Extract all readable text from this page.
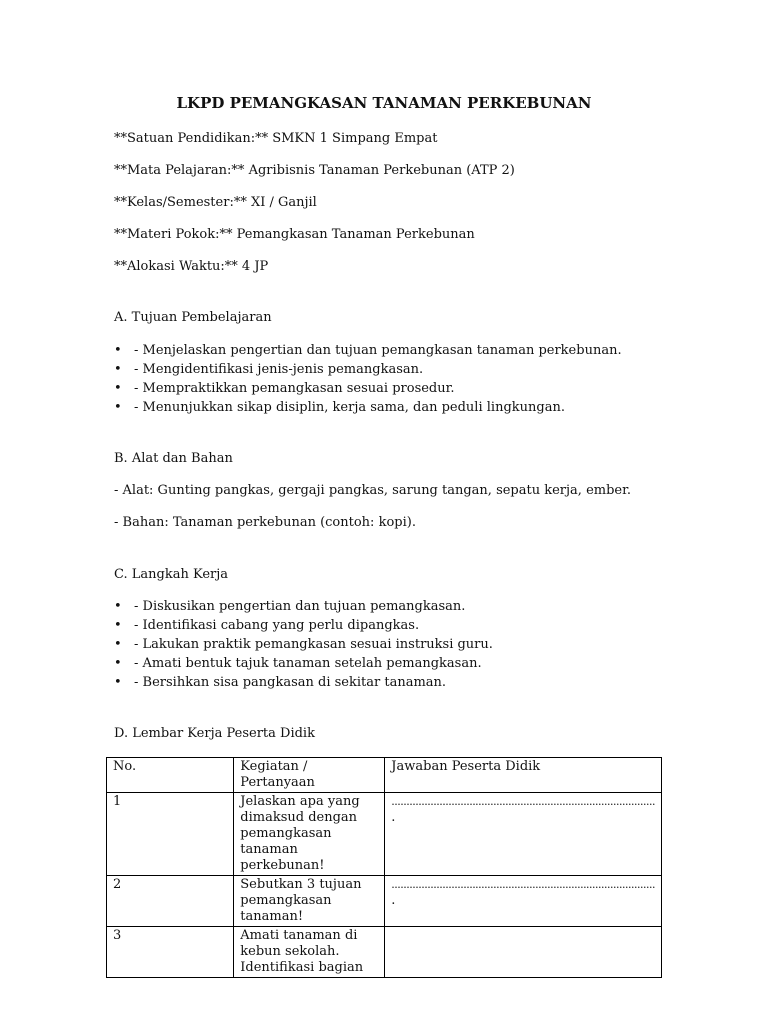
LKPD PEMANGKASAN TANAMAN PERKEBUNAN
**Satuan Pendidikan:** SMKN 1 Simpang Empat
**Mata Pelajaran:** Agribisnis Tanaman Perkebunan (ATP 2)
**Kelas/Semester:** XI / Ganjil
**Materi Pokok:** Pemangkasan Tanaman Perkebunan
**Alokasi Waktu:** 4 JP
A. Tujuan Pembelajaran
• - Menjelaskan pengertian dan tujuan pemangkasan tanaman perkebunan.
• - Mengidentifikasi jenis-jenis pemangkasan.
• - Mempraktikkan pemangkasan sesuai prosedur.
• - Menunjukkan sikap disiplin, kerja sama, dan peduli lingkungan.
B. Alat dan Bahan
- Alat: Gunting pangkas, gergaji pangkas, sarung tangan, sepatu kerja, ember.
- Bahan: Tanaman perkebunan (contoh: kopi).
C. Langkah Kerja
• - Diskusikan pengertian dan tujuan pemangkasan.
• - Identifikasi cabang yang perlu dipangkas.
• - Lakukan praktik pemangkasan sesuai instruksi guru.
• - Amati bentuk tajuk tanaman setelah pemangkasan.
• - Bersihkan sisa pangkasan di sekitar tanaman.
D. Lembar Kerja Peserta Didik
No.	Kegiatan / Pertanyaan	Jawaban Peserta Didik
1	Jelaskan apa yang dimaksud dengan pemangkasan tanaman perkebunan!	........................................................................................
.
2	Sebutkan 3 tujuan pemangkasan tanaman!	........................................................................................
.
3	Amati tanaman di kebun sekolah. Identifikasi bagian	
